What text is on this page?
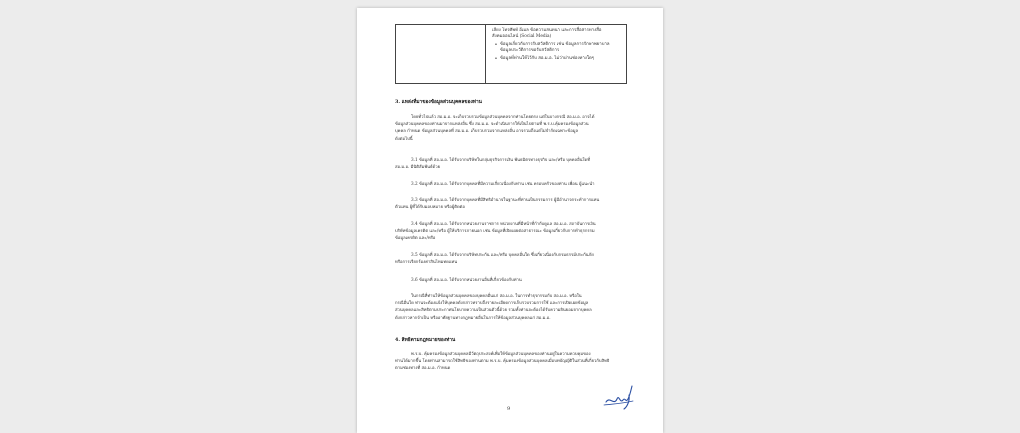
เสียง โทรศัพท์ อีเมล ข้อความสนทนา และการสื่อสารทางสื่อ
สังคมออนไลน์ (Social Media)
• ข้อมูลเกี่ยวกับการรับสวัสดิการ เช่น ข้อมูลการรักษาพยาบาล
ข้อมูลประวัติการขอรับสวัสดิการ
• ข้อมูลที่ท่านให้ไว้กับ สอ.ม.อ. ไม่ว่าผ่านช่องทางใดๆ
3. แหล่งที่มาของข้อมูลส่วนบุคคลของท่าน
โดยทั่วไปแล้ว สอ.ม.อ. จะเก็บรวบรวมข้อมูลส่วนบุคคลจากท่านโดยตรง แต่ในบางกรณี สอ.ม.อ. อาจได้
ข้อมูลส่วนบุคคลของท่านมาจากแหล่งอื่น ซึ่ง สอ.ม.อ. จะดำเนินการให้เป็นไปตามที่ พ.ร.บ.คุ้มครองข้อมูลส่วน
บุคคล กำหนด ข้อมูลส่วนบุคคลที่ สอ.ม.อ. เก็บรวบรวมจากแหล่งอื่น อาจรวมถึงแต่ไม่จำกัดเฉพาะข้อมูล
ดังต่อไปนี้
3.1 ข้อมูลที่ สอ.ม.อ. ได้รับจากบริษัทในกลุ่มธุรกิจการเงิน พันธมิตรทางธุรกิจ และ/หรือ บุคคลอื่นใดที่
สอ.ม.อ. มีนิติสัมพันธ์ด้วย
3.2 ข้อมูลที่ สอ.ม.อ. ได้รับจากบุคคลที่มีความเกี่ยวเนื่องกับท่าน เช่น ครอบครัวของท่าน เพื่อน ผู้แนะนำ
3.3 ข้อมูลที่ สอ.ม.อ. ได้รับจากบุคคลที่มีสิทธิอำนาจในฐานะที่ท่านเป็นกรรมการ ผู้มีอำนาจกระทำการแทน
ตัวแทน ผู้ที่ได้รับมอบหมาย หรือผู้ติดต่อ
3.4 ข้อมูลที่ สอ.ม.อ. ได้รับจากหน่วยงานราชการ หน่วยงานที่มีหน้าที่กำกับดูแล สอ.ม.อ. สถาบันการเงิน
บริษัทข้อมูลเครดิต และ/หรือ ผู้ให้บริการภายนอก เช่น ข้อมูลที่เปิดเผยต่อสาธารณะ ข้อมูลเกี่ยวกับการทำธุรกรรม
ข้อมูลเครดิต และ/หรือ
3.5 ข้อมูลที่ สอ.ม.อ. ได้รับจากบริษัทประกัน และ/หรือ บุคคลอื่นใด ซึ่งเกี่ยวเนื่องกับกรมธรรม์ประกันภัย
หรือการเรียกร้องค่าสินไหมทดแทน
3.6 ข้อมูลที่ สอ.ม.อ. ได้รับจากหน่วยงานอื่นที่เกี่ยวข้องกับท่าน
ในกรณีที่ท่านให้ข้อมูลส่วนบุคคลของบุคคลอื่นแก่ สอ.ม.อ. ในการทำธุรกรรมกับ สอ.ม.อ. หรือใน
กรณีอื่นใด ท่านจะต้องแจ้งให้บุคคลดังกล่าวทราบถึงรายละเอียดการเก็บรวบรวมการใช้ และการเปิดเผยข้อมูล
ส่วนบุคคลและสิทธิตามประกาศนโยบายความเป็นส่วนตัวนี้ด้วย รวมทั้งท่านจะต้องได้รับความยินยอมจากบุคคล
ดังกล่าวหากจำเป็น หรืออาศัยฐานทางกฎหมายอื่นในการให้ข้อมูลส่วนบุคคลแก่ สอ.ม.อ.
4. สิทธิตามกฎหมายของท่าน
พ.ร.บ. คุ้มครองข้อมูลส่วนบุคคลมีวัตถุประสงค์เพื่อให้ข้อมูลส่วนบุคคลของท่านอยู่ในความควบคุมของ
ท่านได้มากขึ้น โดยท่านสามารถใช้สิทธิของท่านตาม พ.ร.บ. คุ้มครองข้อมูลส่วนบุคคลเมื่อบทบัญญัติในส่วนที่เกี่ยวกับสิทธิ
ตามช่องทางที่ สอ.ม.อ. กำหนด
9
